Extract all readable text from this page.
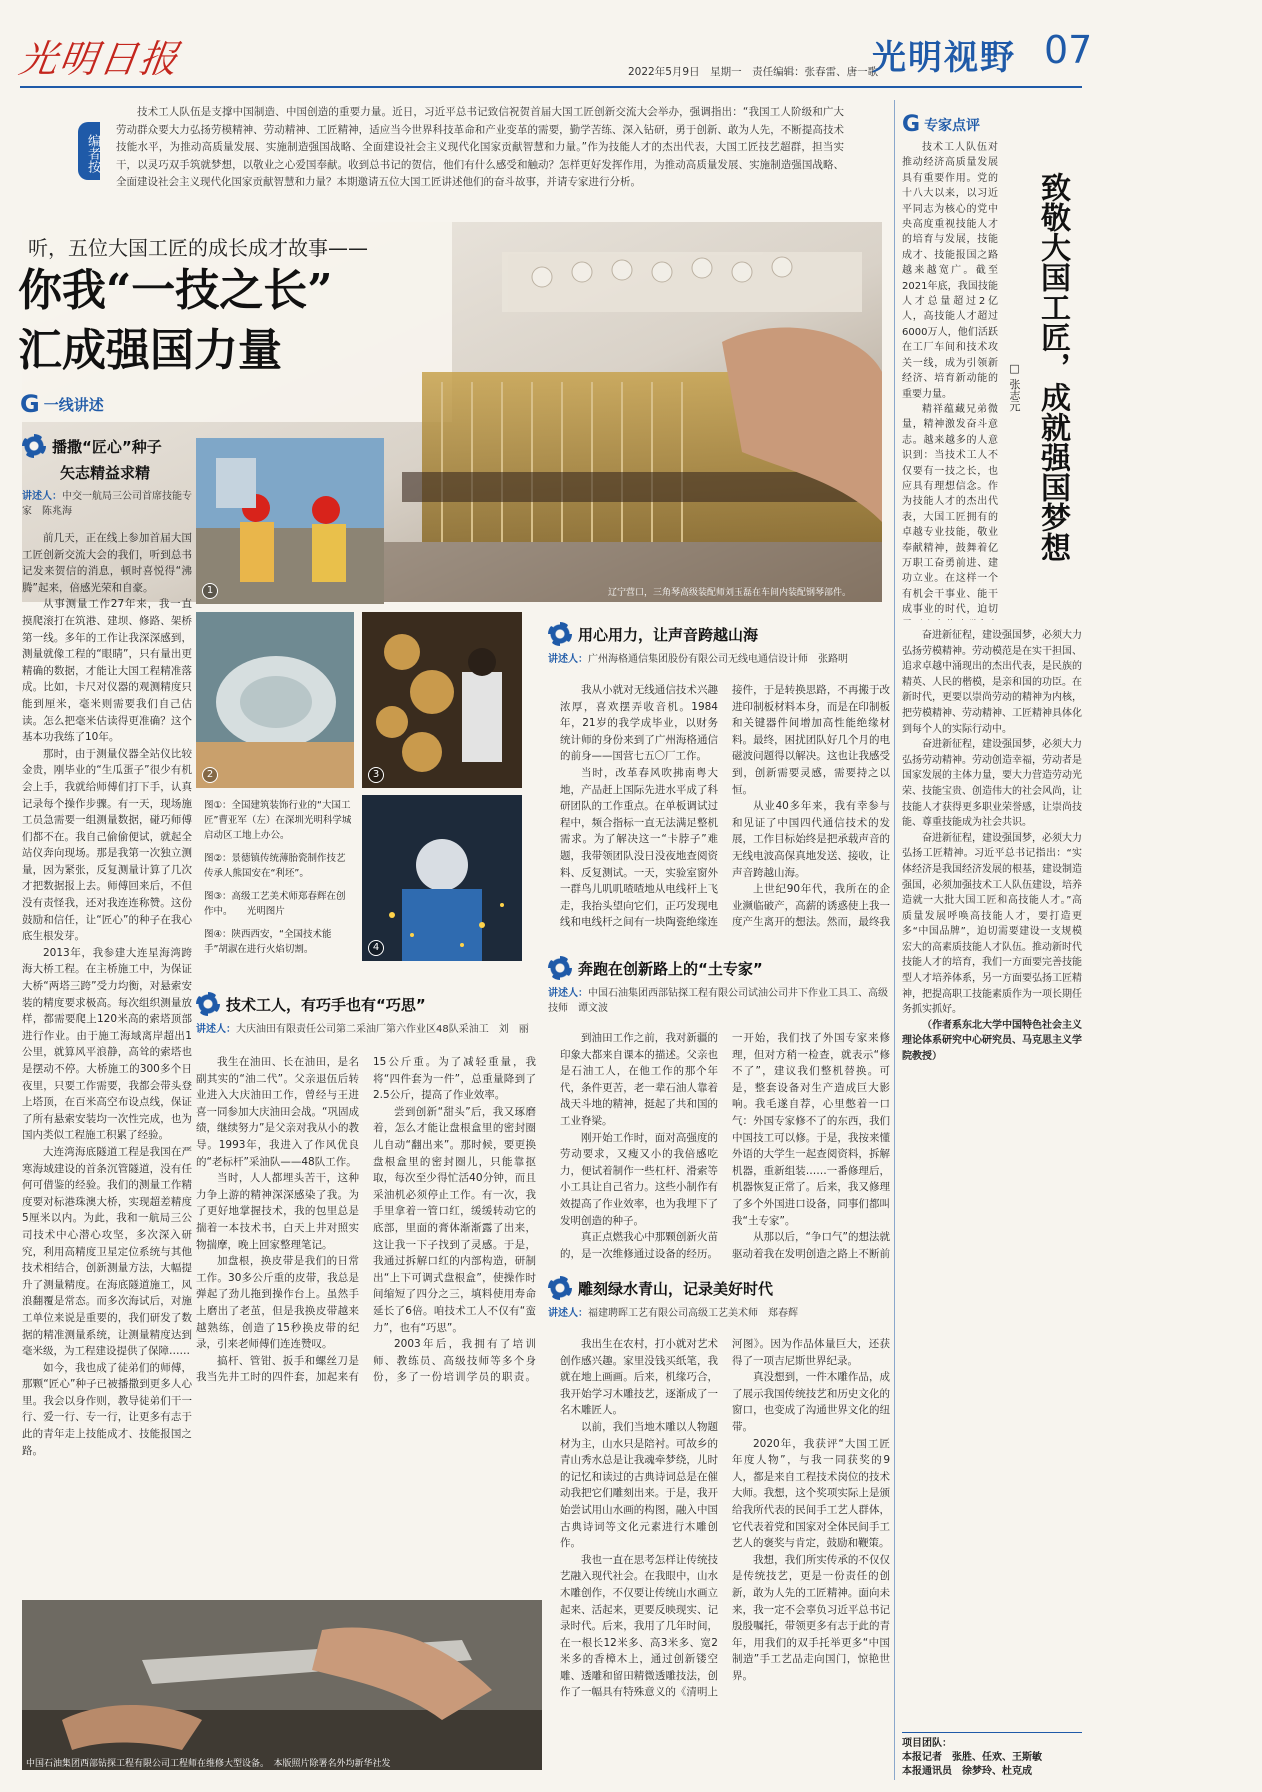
光明日报	2022年5月9日　星期一　责任编辑：张春雷、唐一歌
光明视野 07
编者按
技术工人队伍是支撑中国制造、中国创造的重要力量。近日，习近平总书记致信祝贺首届大国工匠创新交流大会举办，强调指出：“我国工人阶级和广大劳动群众要大力弘扬劳模精神、劳动精神、工匠精神，适应当今世界科技革命和产业变革的需要，勤学苦练、深入钻研，勇于创新、敢为人先，不断提高技术技能水平，为推动高质量发展、实施制造强国战略、全面建设社会主义现代化国家贡献智慧和力量。”作为技能人才的杰出代表，大国工匠技艺超群，担当实干，以灵巧双手筑就梦想，以敬业之心爱国奉献。收到总书记的贺信，他们有什么感受和触动？怎样更好发挥作用，为推动高质量发展、实施制造强国战略、全面建设社会主义现代化国家贡献智慧和力量？本期邀请五位大国工匠讲述他们的奋斗故事，并请专家进行分析。
听，五位大国工匠的成长成才故事——
你我“一技之长”
汇成强国力量
辽宁营口，三角琴高级装配师刘玉磊在车间内装配钢琴部件。
G 一线讲述
1
2	3
4

图①：全国建筑装饰行业的“大国工匠”曹亚军（左）在深圳光明科学城启动区工地上办公。

图②：景德镇传统薄胎瓷制作技艺传承人熊国安在“利坯”。

图③：高级工艺美术师郑春辉在创作中。　　光明图片

图④：陕西西安，“全国技术能手”胡淑在进行火焰切割。

播撒“匠心”种子
矢志精益求精
讲述人：中交一航局三公司首席技能专家　陈兆海

前几天，正在线上参加首届大国工匠创新交流大会的我们，听到总书记发来贺信的消息，顿时喜悦得“沸腾”起来，倍感光荣和自豪。

从事测量工作27年来，我一直摸爬滚打在筑港、建坝、修路、架桥第一线。多年的工作让我深深感到，测量就像工程的“眼睛”，只有量出更精确的数据，才能让大国工程精准落成。比如，卡尺对仪器的观测精度只能到厘米，毫米则需要我们自己估读。怎么把毫米估读得更准确？这个基本功我练了10年。

那时，由于测量仪器全站仪比较金贵，刚毕业的“生瓜蛋子”很少有机会上手，我就给师傅们打下手，认真记录每个操作步骤。有一天，现场施工员急需要一组测量数据，碰巧师傅们都不在。我自己偷偷便试，就起全站仪奔向现场。那是我第一次独立测量，因为紧张，反复测量计算了几次才把数据报上去。师傅回来后，不但没有责怪我，还对我连连称赞。这份鼓励和信任，让“匠心”的种子在我心底生根发芽。

2013年，我参建大连星海湾跨海大桥工程。在主桥施工中，为保证大桥“两塔三跨”受力均衡，对悬索安装的精度要求极高。每次组织测量放样，都需要爬上120米高的索塔顶部进行作业。由于施工海域离岸超出1公里，就算风平浪静，高耸的索塔也是摆动不停。大桥施工的300多个日夜里，只要工作需要，我都会带头登上塔顶，在百米高空布设点线，保证了所有悬索安装均一次性完成，也为国内类似工程施工积累了经验。

大连湾海底隧道工程是我国在严寒海域建设的首条沉管隧道，没有任何可借鉴的经验。我们的测量工作精度要对标港珠澳大桥，实现超差精度5厘米以内。为此，我和一航局三公司技术中心潜心攻坚，多次深入研究，利用高精度卫星定位系统与其他技术相结合，创新测量方法，大幅提升了测量精度。在海底隧道施工，风浪翻覆是常态。而多次海试后，对施工单位来说是重要的，我们研发了数据的精准测量系统，让测量精度达到毫米级，为工程建设提供了保障……

如今，我也成了徒弟们的师傅，那颗“匠心”种子已被播撒到更多人心里。我会以身作则，教导徒弟们干一行、爱一行、专一行，让更多有志于此的青年走上技能成才、技能报国之路。

技术工人，有巧手也有“巧思”
讲述人：大庆油田有限责任公司第二采油厂第六作业区48队采油工　刘　丽

我生在油田、长在油田，是名副其实的“油二代”。父亲退伍后转业进入大庆油田工作，曾经与王进喜一同参加大庆油田会战。“巩固成绩，继续努力”是父亲对我从小的教导。1993年，我进入了作风优良的“老标杆”采油队——48队工作。

当时，人人都埋头苦干，这种力争上游的精神深深感染了我。为了更好地掌握技术，我的包里总是揣着一本技术书，白天上井对照实物揣摩，晚上回家整理笔记。

加盘根，换皮带是我们的日常工作。30多公斤重的皮带，我总是弹起了劲儿拖到操作台上。虽然手上磨出了老茧，但是我换皮带越来越熟练，创造了15秒换皮带的纪录，引来老师傅们连连赞叹。

搞杆、管钳、扳手和螺丝刀是我当先井工时的四件套，加起来有15公斤重。为了减轻重量，我将“四件套为一件”，总重量降到了2.5公斤，提高了作业效率。

尝到创新“甜头”后，我又琢磨着，怎么才能让盘根盒里的密封圈儿自动“翻出来”。那时候，要更换盘根盒里的密封圈儿，只能靠抠取，每次至少得忙活40分钟，而且采油机必须停止工作。有一次，我手里拿着一管口红，缓缓转动它的底部，里面的膏体渐渐露了出来，这让我一下子找到了灵感。于是，我通过拆解口红的内部构造，研制出“上下可调式盘根盒”，使操作时间缩短了四分之三，填料使用寿命延长了6倍。咱技术工人不仅有“蛮力”，也有“巧思”。

2003年后，我拥有了培训师、教练员、高级技师等多个身份，多了一份培训学员的职责。

中国石油集团西部钻探工程有限公司工程师在维修大型设备。　本版照片除署名外均新华社发
用心用力，让声音跨越山海
讲述人：广州海格通信集团股份有限公司无线电通信设计师　张路明

我从小就对无线通信技术兴趣浓厚，喜欢摆弄收音机。1984年，21岁的我学成毕业，以财务统计师的身份来到了广州海格通信的前身——国营七五〇厂工作。

当时，改革春风吹拂南粤大地，产品赶上国际先进水平成了科研团队的工作重点。在单板调试过程中，频合指标一直无法满足整机需求。为了解决这一“卡脖子”难题，我带领团队没日没夜地查阅资料、反复测试。一天，实验室窗外一群鸟儿叽叽喳喳地从电线杆上飞走，我抬头望向它们，正巧发现电线和电线杆之间有一块陶瓷绝缘连接件，于是转换思路，不再搬于改进印制板材料本身，而是在印制板和关键器件间增加高性能绝缘材料。最终，困扰团队好几个月的电磁波问题得以解决。这也让我感受到，创新需要灵感，需要持之以恒。

从业40多年来，我有幸参与和见证了中国四代通信技术的发展，工作目标始终是把承载声音的无线电波高保真地发送、接收，让声音跨越山海。

上世纪90年代，我所在的企业濒临破产，高薪的诱惑使上我一度产生离开的想法。然而，最终我

奔跑在创新路上的“土专家”
讲述人：中国石油集团西部钻探工程有限公司试油公司井下作业工具工、高级技师　谭文波

到油田工作之前，我对新疆的印象大都来自课本的描述。父亲也是石油工人，在他工作的那个年代，条件更苦，老一辈石油人靠着战天斗地的精神，挺起了共和国的工业脊梁。

刚开始工作时，面对高强度的劳动要求，又瘦又小的我倍感吃力，便试着制作一些杠杆、滑索等小工具让自己省力。这些小制作有效提高了作业效率，也为我埋下了发明创造的种子。

真正点燃我心中那颗创新火苗的，是一次维修通过设备的经历。一开始，我们找了外国专家来修理，但对方稍一检查，就表示“修不了”，建议我们整机替换。可是，整套设备对生产造成巨大影响。我毛遂自荐，心里憋着一口气：外国专家修不了的东西，我们中国技工可以修。于是，我按来懂外语的大学生一起查阅资料，拆解机器，重新组装……一番修理后，机器恢复正常了。后来，我又修理了多个外国进口设备，同事们都叫我“土专家”。

从那以后，“争口气”的想法就驱动着我在发明创造之路上不断前

雕刻绿水青山，记录美好时代
讲述人：福建聘晖工艺有限公司高级工艺美术师　郑春辉

我出生在农村，打小就对艺术创作感兴趣。家里没钱买纸笔，我就在地上画画。后来，机缘巧合，我开始学习木雕技艺，逐渐成了一名木雕匠人。

以前，我们当地木雕以人物题材为主，山水只是陪衬。可故乡的青山秀水总是让我魂牵梦绕，儿时的记忆和读过的古典诗词总是在催动我把它们雕刻出来。于是，我开始尝试用山水画的构图，融入中国古典诗词等文化元素进行木雕创作。

我也一直在思考怎样让传统技艺融入现代社会。在我眼中，山水木雕创作，不仅要让传统山水画立起来、活起来，更要反映现实、记录时代。后来，我用了几年时间，在一根长12米多、高3米多、宽2米多的香樟木上，通过创新镂空雕、透雕和留田精微透雕技法，创作了一幅具有特殊意义的《清明上河图》。因为作品体量巨大，还获得了一项吉尼斯世界纪录。

真没想到，一件木雕作品，成了展示我国传统技艺和历史文化的窗口，也变成了沟通世界文化的纽带。

2020年，我获评“大国工匠年度人物”，与我一同获奖的9人，都是来自工程技术岗位的技术大师。我想，这个奖项实际上是颁给我所代表的民间手工艺人群体，它代表着党和国家对全体民间手工艺人的褒奖与肯定，鼓励和鞭策。

我想，我们所实传承的不仅仅是传统技艺，更是一份责任的创新，敢为人先的工匠精神。面向未来，我一定不会辜负习近平总书记殷殷嘱托，带领更多有志于此的青年，用我们的双手托举更多“中国制造”手工艺品走向国门，惊艳世界。

G 专家点评
致敬大国工匠，成就强国梦想
□ 张志元

技术工人队伍对推动经济高质量发展具有重要作用。党的十八大以来，以习近平同志为核心的党中央高度重视技能人才的培育与发展，技能成才、技能报国之路越来越宽广。截至2021年底，我国技能人才总量超过2亿人，高技能人才超过6000万人，他们活跃在工厂车间和技术攻关一线，成为引领新经济、培育新动能的重要力量。

精祥蕴藏兄弟微量，精神激发奋斗意志。越来越多的人意识到：当技术工人不仅要有一技之长，也应具有理想信念。作为技能人才的杰出代表，大国工匠拥有的卓越专业技能，敬业奉献精神，鼓舞着亿万职工奋勇前进、建功立业。在这样一个有机会干事业、能干成事业的时代，迫切

奋进新征程，建设强国梦，必须大力弘扬劳模精神。劳动模范是在实干担国、追求卓越中涌现出的杰出代表，是民族的精英、人民的楷模，是亲和国的功臣。在新时代，更要以崇尚劳动的精神为内核，把劳模精神、劳动精神、工匠精神具体化到每个人的实际行动中。

奋进新征程，建设强国梦，必须大力弘扬劳动精神。劳动创造幸福，劳动者是国家发展的主体力量，要大力营造劳动光荣、技能宝贵、创造伟大的社会风尚，让技能人才获得更多职业荣誉感，让崇尚技能、尊重技能成为社会共识。

奋进新征程，建设强国梦，必须大力弘扬工匠精神。习近平总书记指出：“实体经济是我国经济发展的根基，建设制造强国，必须加强技术工人队伍建设，培养造就一大批大国工匠和高技能人才。”高质量发展呼唤高技能人才，要打造更多“中国品牌”，迫切需要建设一支规模宏大的高素质技能人才队伍。推动新时代技能人才的培育，我们一方面要完善技能型人才培养体系，另一方面要弘扬工匠精神，把提高职工技能素质作为一项长期任务抓实抓好。

（作者系东北大学中国特色社会主义理论体系研究中心研究员、马克思主义学院教授）

项目团队：
本报记者　张胜、任欢、王斯敏
本报通讯员　徐梦玲、杜克成
